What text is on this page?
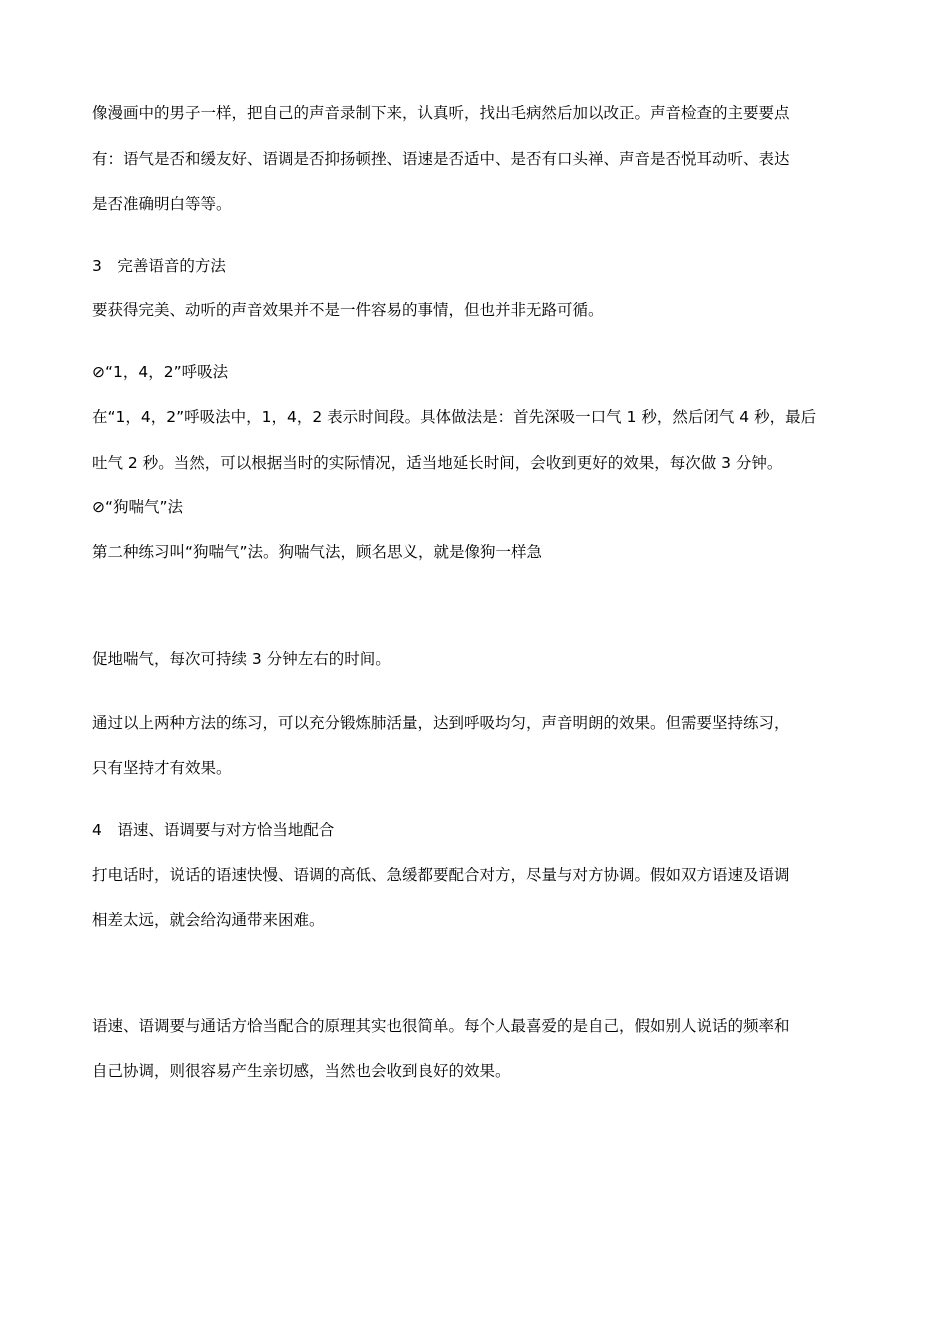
像漫画中的男子一样，把自己的声音录制下来，认真听，找出毛病然后加以改正。声音检查的主要要点
有：语气是否和缓友好、语调是否抑扬顿挫、语速是否适中、是否有口头禅、声音是否悦耳动听、表达
是否准确明白等等。
3　完善语音的方法
要获得完美、动听的声音效果并不是一件容易的事情，但也并非无路可循。
⊘“1，4，2”呼吸法
在“1，4，2”呼吸法中，1，4，2 表示时间段。具体做法是：首先深吸一口气 1 秒，然后闭气 4 秒，最后
吐气 2 秒。当然，可以根据当时的实际情况，适当地延长时间，会收到更好的效果，每次做 3 分钟。
⊘“狗喘气”法
第二种练习叫“狗喘气”法。狗喘气法，顾名思义，就是像狗一样急
促地喘气，每次可持续 3 分钟左右的时间。
通过以上两种方法的练习，可以充分锻炼肺活量，达到呼吸均匀，声音明朗的效果。但需要坚持练习，
只有坚持才有效果。
4　语速、语调要与对方恰当地配合
打电话时，说话的语速快慢、语调的高低、急缓都要配合对方，尽量与对方协调。假如双方语速及语调
相差太远，就会给沟通带来困难。
语速、语调要与通话方恰当配合的原理其实也很简单。每个人最喜爱的是自己，假如别人说话的频率和
自己协调，则很容易产生亲切感，当然也会收到良好的效果。
